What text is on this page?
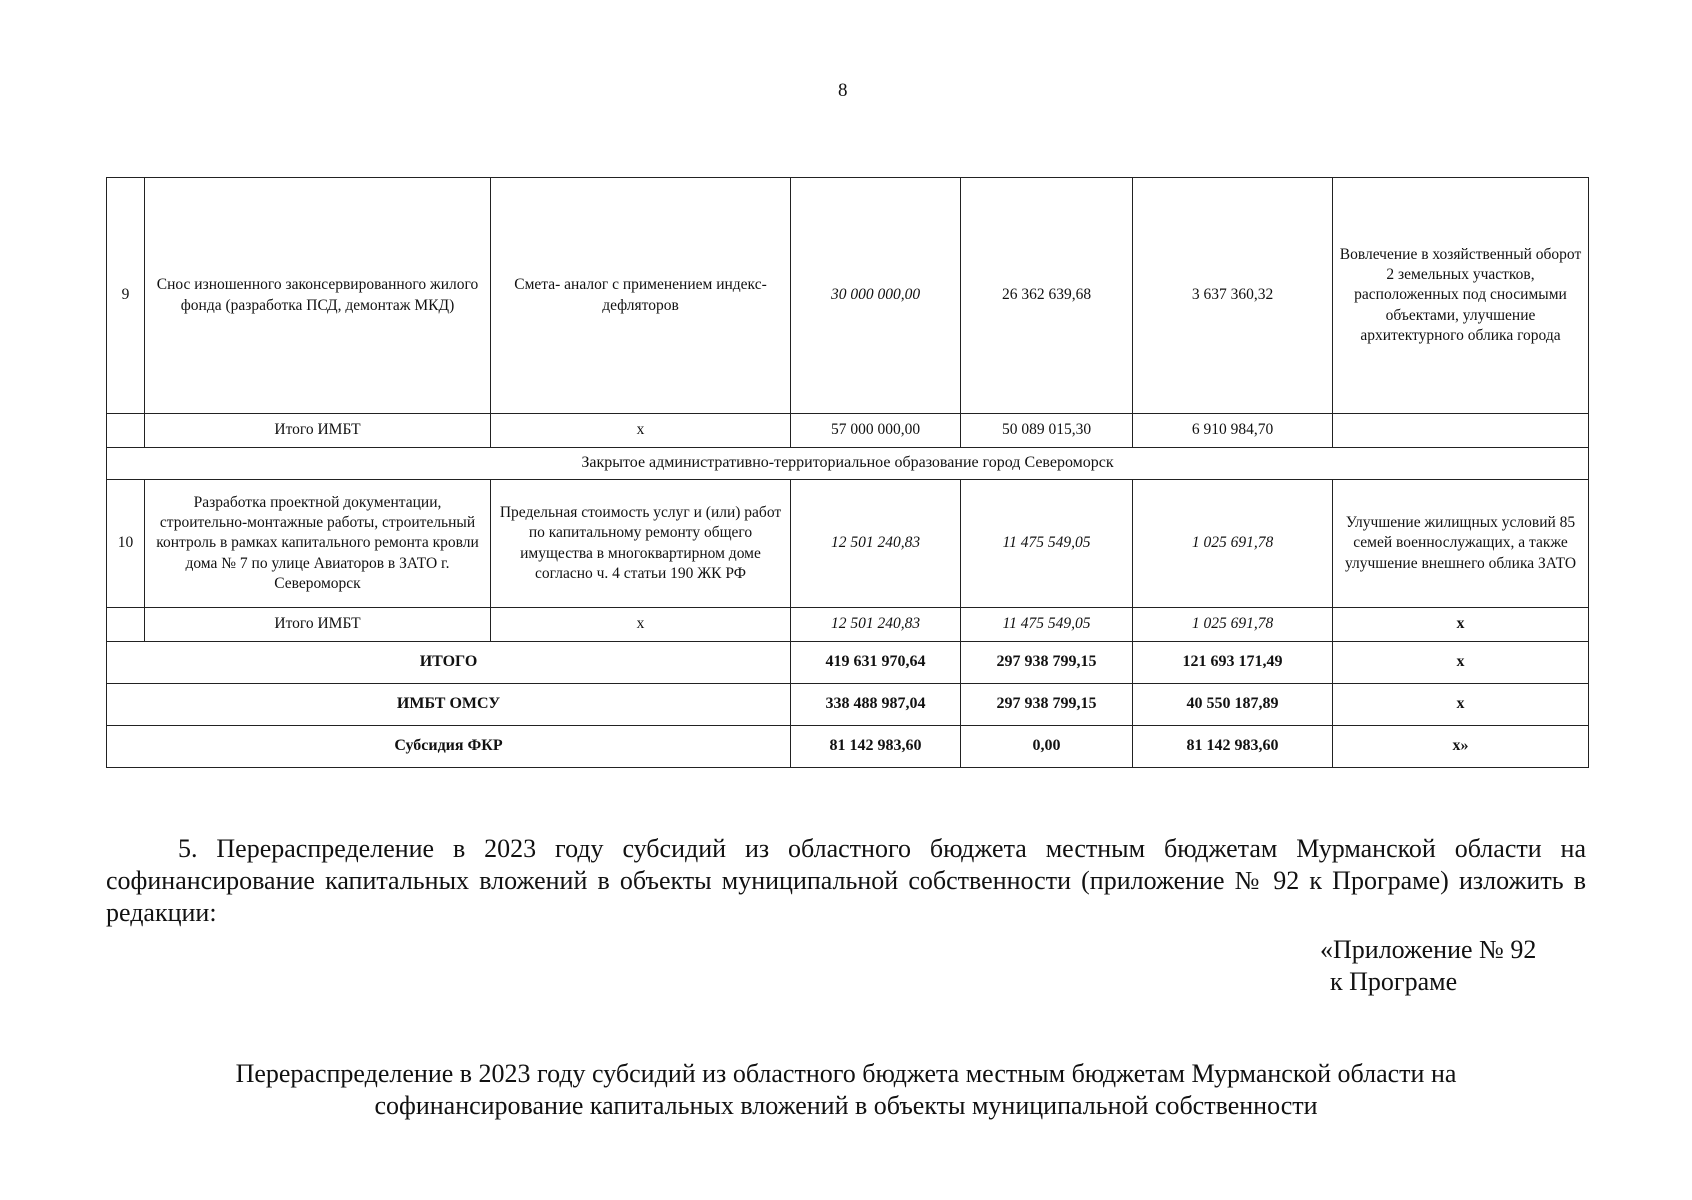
8
9	Снос изношенного законсервированного жилого фонда (разработка ПСД, демонтаж МКД)	Смета- аналог с применением индекс-дефляторов	30 000 000,00	26 362 639,68	3 637 360,32	Вовлечение в хозяйственный оборот 2 земельных участков, расположенных под сносимыми объектами, улучшение архитектурного облика города
	Итого ИМБТ	x	57 000 000,00	50 089 015,30	6 910 984,70	
Закрытое административно-территориальное образование город Североморск						
10	Разработка проектной документации, строительно-монтажные работы, строительный контроль в рамках капитального ремонта кровли дома № 7 по улице Авиаторов в ЗАТО г. Североморск	Предельная стоимость услуг и (или) работ по капитальному ремонту общего имущества в многоквартирном доме согласно ч. 4 статьи 190 ЖК РФ	12 501 240,83	11 475 549,05	1 025 691,78	Улучшение жилищных условий 85 семей военнослужащих, а также улучшение внешнего облика ЗАТО
	Итого ИМБТ	x	12 501 240,83	11 475 549,05	1 025 691,78	x
ИТОГО			419 631 970,64	297 938 799,15	121 693 171,49	x
ИМБТ ОМСУ			338 488 987,04	297 938 799,15	40 550 187,89	x
Субсидия ФКР			81 142 983,60	0,00	81 142 983,60	x»
5. Перераспределение в 2023 году субсидий из областного бюджета местным бюджетам Мурманской области на софинансирование капитальных вложений в объекты муниципальной собственности (приложение № 92 к Програме) изложить в редакции:
«Приложение № 92
к Програме
Перераспределение в 2023 году субсидий из областного бюджета местным бюджетам Мурманской области на
софинансирование капитальных вложений в объекты муниципальной собственности
